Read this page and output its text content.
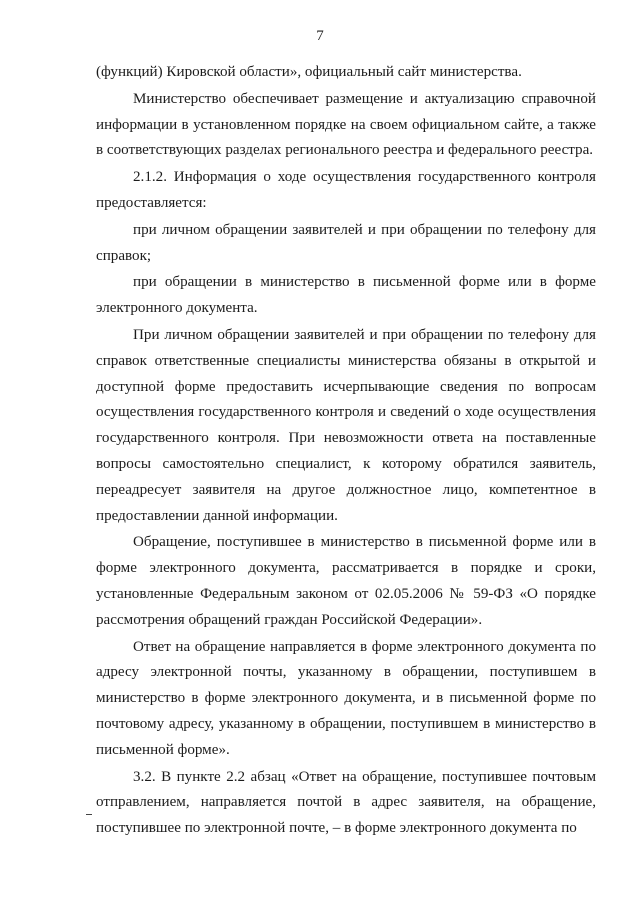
7

(функций) Кировской области», официальный сайт министерства.

Министерство обеспечивает размещение и актуализацию справочной информации в установленном порядке на своем официальном сайте, а также в соответствующих разделах регионального реестра и федерального реестра.

2.1.2. Информация о ходе осуществления государственного контроля предоставляется:

при личном обращении заявителей и при обращении по телефону для справок;

при обращении в министерство в письменной форме или в форме электронного документа.

При личном обращении заявителей и при обращении по телефону для справок ответственные специалисты министерства обязаны в открытой и доступной форме предоставить исчерпывающие сведения по вопросам осуществления государственного контроля и сведений о ходе осуществления государственного контроля. При невозможности ответа на поставленные вопросы самостоятельно специалист, к которому обратился заявитель, переадресует заявителя на другое должностное лицо, компетентное в предоставлении данной информации.

Обращение, поступившее в министерство в письменной форме или в форме электронного документа, рассматривается в порядке и сроки, установленные Федеральным законом от 02.05.2006 № 59-ФЗ «О порядке рассмотрения обращений граждан Российской Федерации».

Ответ на обращение направляется в форме электронного документа по адресу электронной почты, указанному в обращении, поступившем в министерство в форме электронного документа, и в письменной форме по почтовому адресу, указанному в обращении, поступившем в министерство в письменной форме».

3.2. В пункте 2.2 абзац «Ответ на обращение, поступившее почтовым отправлением, направляется почтой в адрес заявителя, на обращение, поступившее по электронной почте, – в форме электронного документа по
